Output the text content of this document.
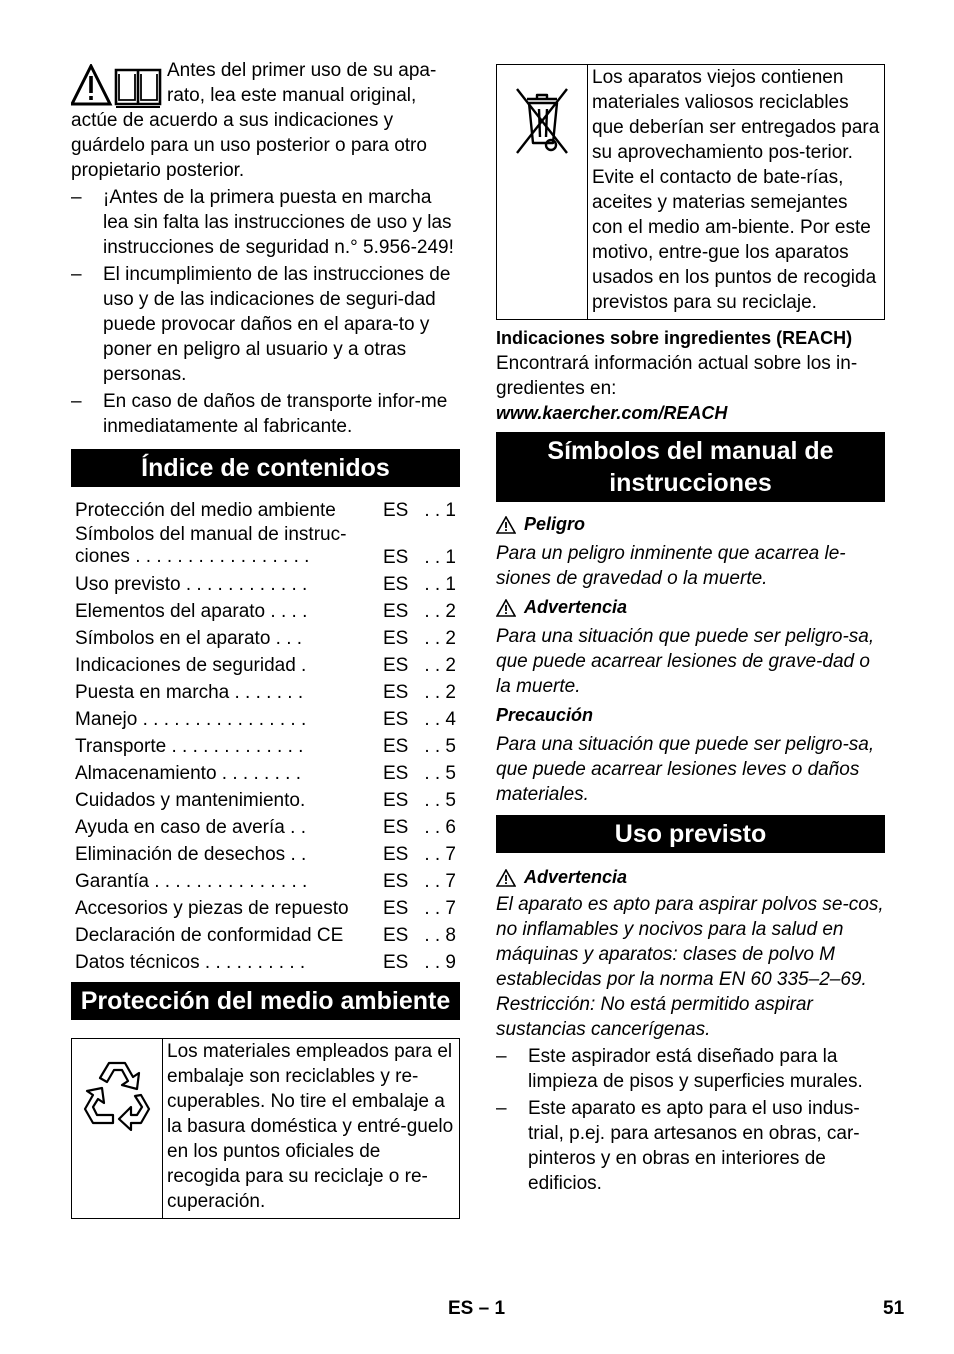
Antes del primer uso de su apa-

rato, lea este manual original,

actúe de acuerdo a sus indicaciones y guárdelo para un uso posterior o para otro propietario posterior.

–	¡Antes de la primera puesta en marcha lea sin falta las instrucciones de uso y las instrucciones de seguridad n.° 5.956-249!
–	El incumplimiento de las instrucciones de uso y de las indicaciones de seguri-dad puede provocar daños en el apara-to y poner en peligro al usuario y a otras personas.
–	En caso de daños de transporte infor-me inmediatamente al fabricante.
Índice de contenidos
Protección del medio ambiente	ES	. . 1

Símbolos del manual de instruc-
ciones . . . . . . . . . . . . . . . . .	ES	. . 1
Uso previsto . . . . . . . . . . . .	ES	. . 1
Elementos del aparato . . . .	ES	. . 2
Símbolos en el aparato . . .	ES	. . 2
Indicaciones de seguridad .	ES	. . 2
Puesta en marcha . . . . . . .	ES	. . 2
Manejo . . . . . . . . . . . . . . . .	ES	. . 4
Transporte . . . . . . . . . . . . .	ES	. . 5
Almacenamiento . . . . . . . .	ES	. . 5
Cuidados y mantenimiento.	ES	. . 5
Ayuda en caso de avería . .	ES	. . 6
Eliminación de desechos . .	ES	. . 7
Garantía . . . . . . . . . . . . . . .	ES	. . 7
Accesorios y piezas de repuesto	ES	. . 7
Declaración de conformidad CE	ES	. . 8
Datos técnicos . . . . . . . . . .	ES	. . 9
Protección del medio ambiente
Los materiales empleados para el embalaje son reciclables y re-cuperables. No tire el embalaje a la basura doméstica y entré-guelo en los puntos oficiales de recogida para su reciclaje o re-cuperación.
Los aparatos viejos contienen materiales valiosos reciclables que deberían ser entregados para su aprovechamiento pos-terior. Evite el contacto de bate-rías, aceites y materias semejantes con el medio am-biente. Por este motivo, entre-gue los aparatos usados en los puntos de recogida previstos para su reciclaje.

Indicaciones sobre ingredientes (REACH)

Encontrará información actual sobre los in-gredientes en:

www.kaercher.com/REACH

Símbolos del manual de instrucciones

Peligro

Para un peligro inminente que acarrea le-siones de gravedad o la muerte.

Advertencia

Para una situación que puede ser peligro-sa, que puede acarrear lesiones de grave-dad o la muerte.

Precaución

Para una situación que puede ser peligro-sa, que puede acarrear lesiones leves o daños materiales.

Uso previsto

Advertencia

El aparato es apto para aspirar polvos se-cos, no inflamables y nocivos para la salud en máquinas y aparatos: clases de polvo M establecidas por la norma EN 60 335–2–69. Restricción: No está permitido aspirar sustancias cancerígenas.

–	Este aspirador está diseñado para la limpieza de pisos y superficies murales.
–	Este aparato es apto para el uso indus-trial, p.ej. para artesanos en obras, car-pinteros y en obras en interiores de edificios.
ES – 1	51
